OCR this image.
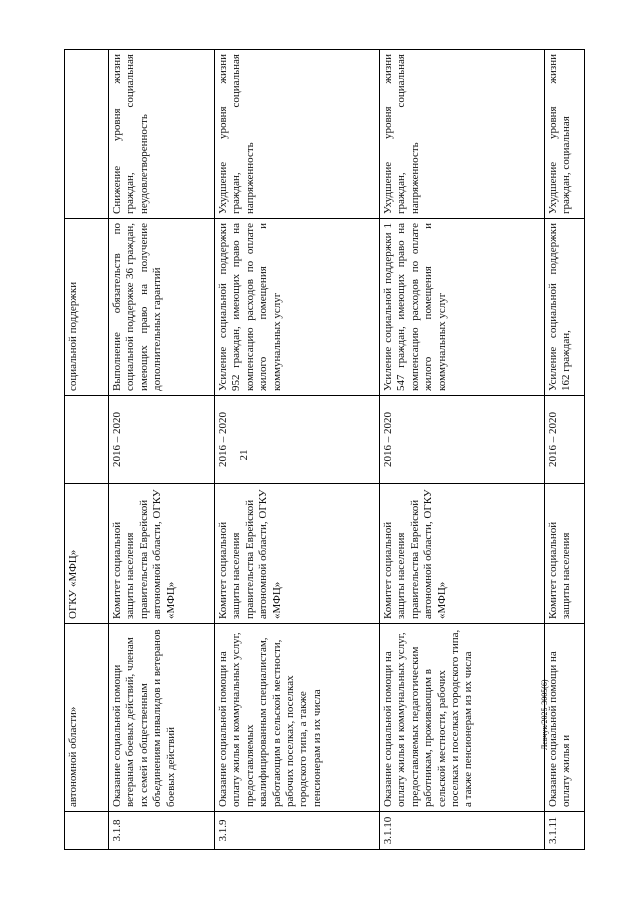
21
Левчук/2025-3005(6)
	автономной области»	ОГКУ «МФЦ»		социальной поддержки	
3.1.8	Оказание социальной помощи ветеранам боевых действий, членам их семей и общественным объединениям инвалидов и ветеранов боевых действий	Комитет социальной защиты населения правительства Еврейской автономной области, ОГКУ «МФЦ»	2016 – 2020	Выполнение обязательств по социальной поддержке 36 граждан, имеющих право на получение дополнительных гарантий	Снижение уровня жизни граждан, социальная неудовлетворенность
3.1.9	Оказание социальной помощи на оплату жилья и коммунальных услуг, предоставляемых квалифицированным специалистам, работающим в сельской местности, рабочих поселках, поселках городского типа, а также пенсионерам из их числа	Комитет социальной защиты населения правительства Еврейской автономной области, ОГКУ «МФЦ»	2016 – 2020	Усиление социальной поддержки 952 граждан, имеющих право на компенсацию расходов по оплате жилого помещения и коммунальных услуг	Ухудшение уровня жизни граждан, социальная напряженность
3.1.10	Оказание социальной помощи на оплату жилья и коммунальных услуг, предоставляемых педагогическим работникам, проживающим в сельской местности, рабочих поселках и поселках городского типа, а также пенсионерам из их числа	Комитет социальной защиты населения правительства Еврейской автономной области, ОГКУ «МФЦ»	2016 – 2020	Усиление социальной поддержки 1 547 граждан, имеющих право на компенсацию расходов по оплате жилого помещения и коммунальных услуг	Ухудшение уровня жизни граждан, социальная напряженность
3.1.11	Оказание социальной помощи на оплату жилья и	Комитет социальной защиты населения	2016 – 2020	Усиление социальной поддержки 162 граждан,	Ухудшение уровня жизни граждан, социальная
